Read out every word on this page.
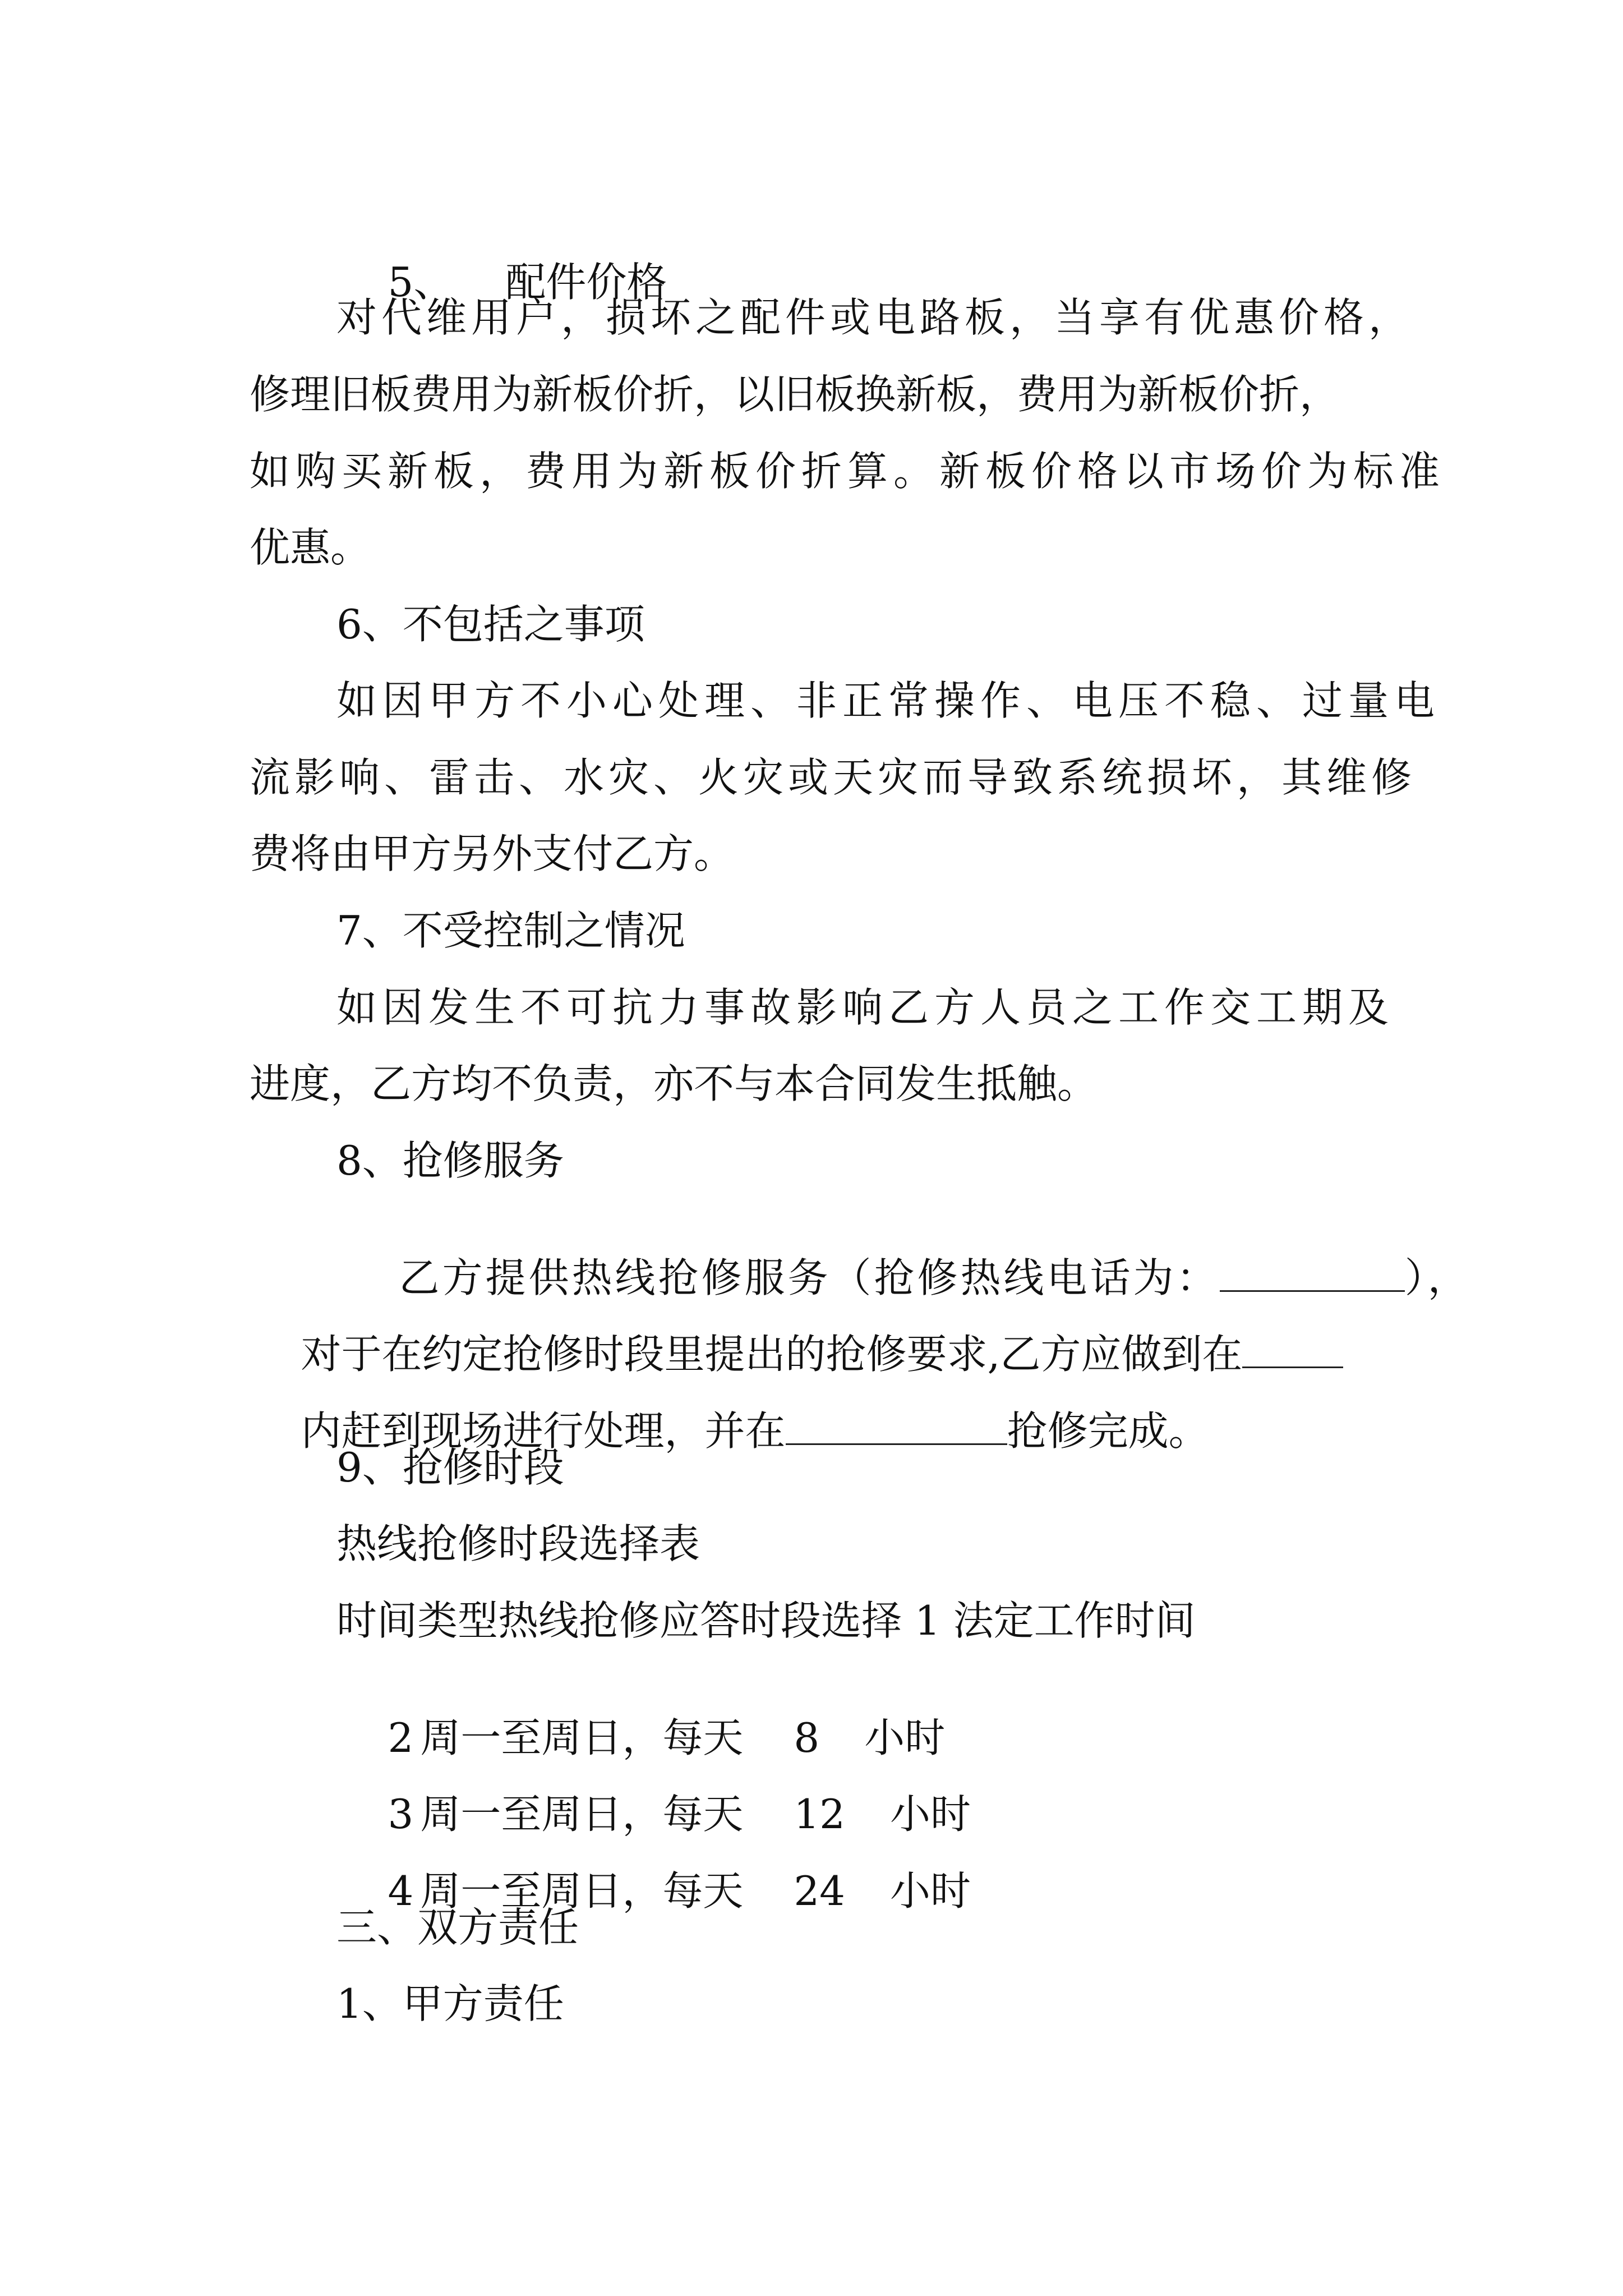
5、 配件价格

对代维用户，损坏之配件或电路板，当享有优惠价格，
修理旧板费用为新板价折，以旧板换新板，费用为新板价折，
如购买新板，费用为新板价折算。新板价格以市场价为标准
优惠。
6、不包括之事项
如因甲方不小心处理、非正常操作、电压不稳、过量电
流影响、雷击、水灾、火灾或天灾而导致系统损坏，其维修
费将由甲方另外支付乙方。
7、不受控制之情况
如因发生不可抗力事故影响乙方人员之工作交工期及
进度，乙方均不负责，亦不与本合同发生抵触。
8、抢修服务

乙方提供热线抢修服务（抢修热线电话为：	），

对于在约定抢修时段里提出的抢修要求,乙方应做到在

内赶到现场进行处理，并在	抢修完成。

9、抢修时段
热线抢修时段选择表
时间类型热线抢修应答时段选择 1 法定工作时间

2 周一至周日，每天 8 小时

3 周一至周日，每天 12 小时

4 周一至周日，每天 24 小时

三、双方责任
1、甲方责任
